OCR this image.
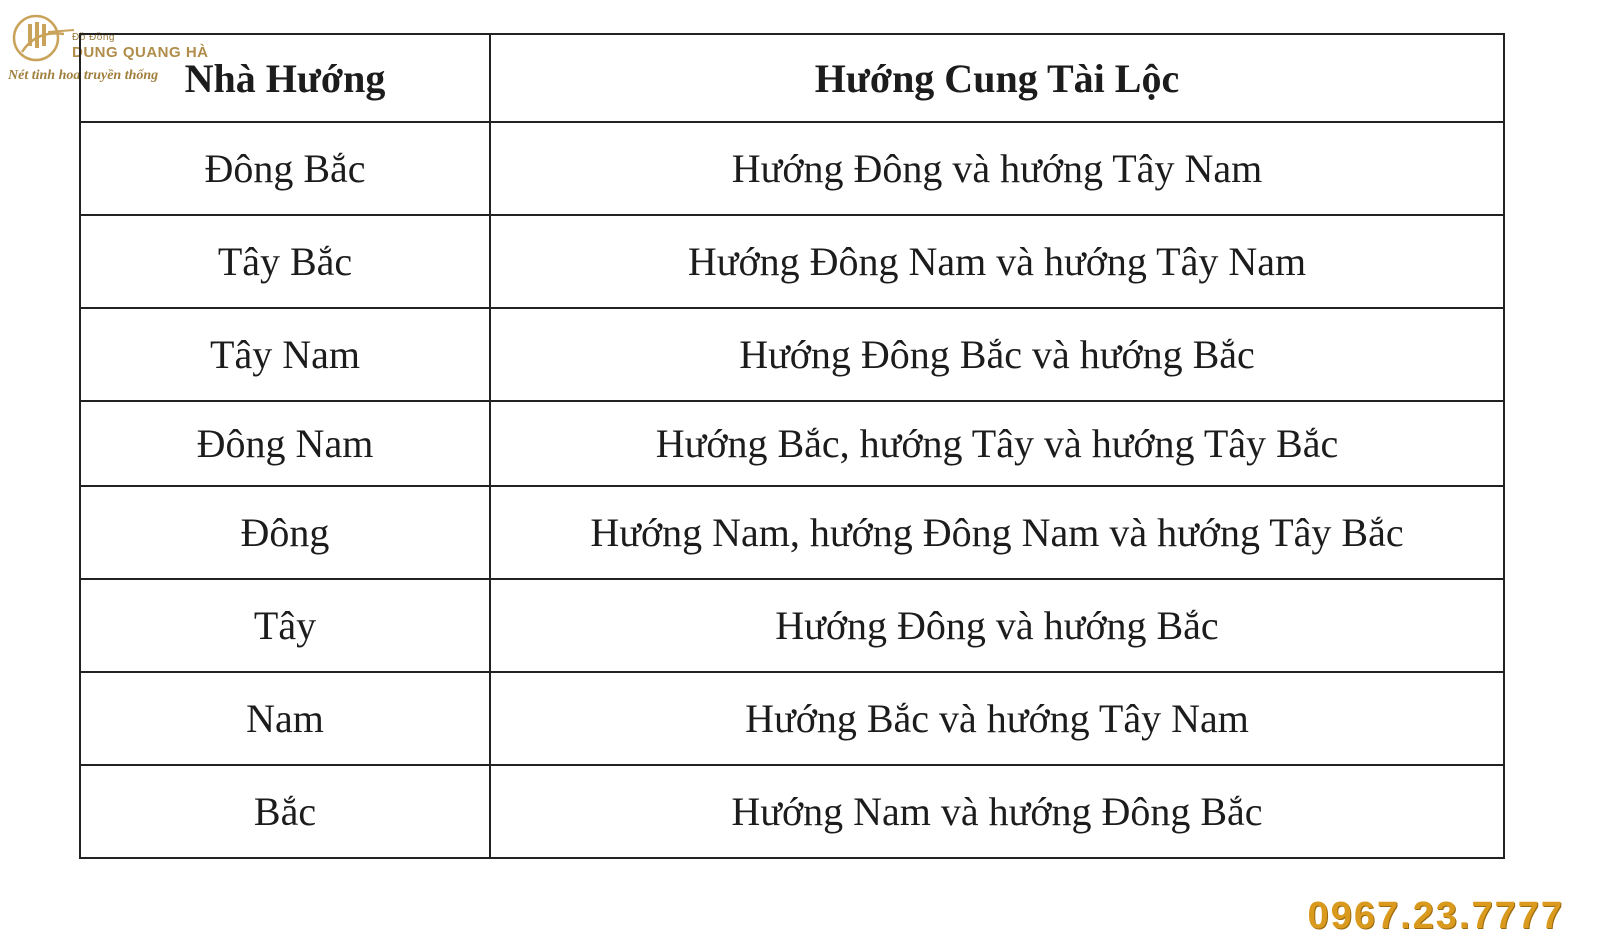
Đồ Đồng
DUNG QUANG HÀ
Nét tinh hoa truyền thống Nhà Hướng	Hướng Cung Tài Lộc
Đông Bắc	Hướng Đông và hướng Tây Nam
Tây Bắc	Hướng Đông Nam và hướng Tây Nam
Tây Nam	Hướng Đông Bắc và hướng Bắc
Đông Nam	Hướng Bắc, hướng Tây và hướng Tây Bắc
Đông	Hướng Nam, hướng Đông Nam và hướng Tây Bắc
Tây	Hướng Đông và hướng Bắc
Nam	Hướng Bắc và hướng Tây Nam
Bắc	Hướng Nam và hướng Đông Bắc
0967.23.7777
